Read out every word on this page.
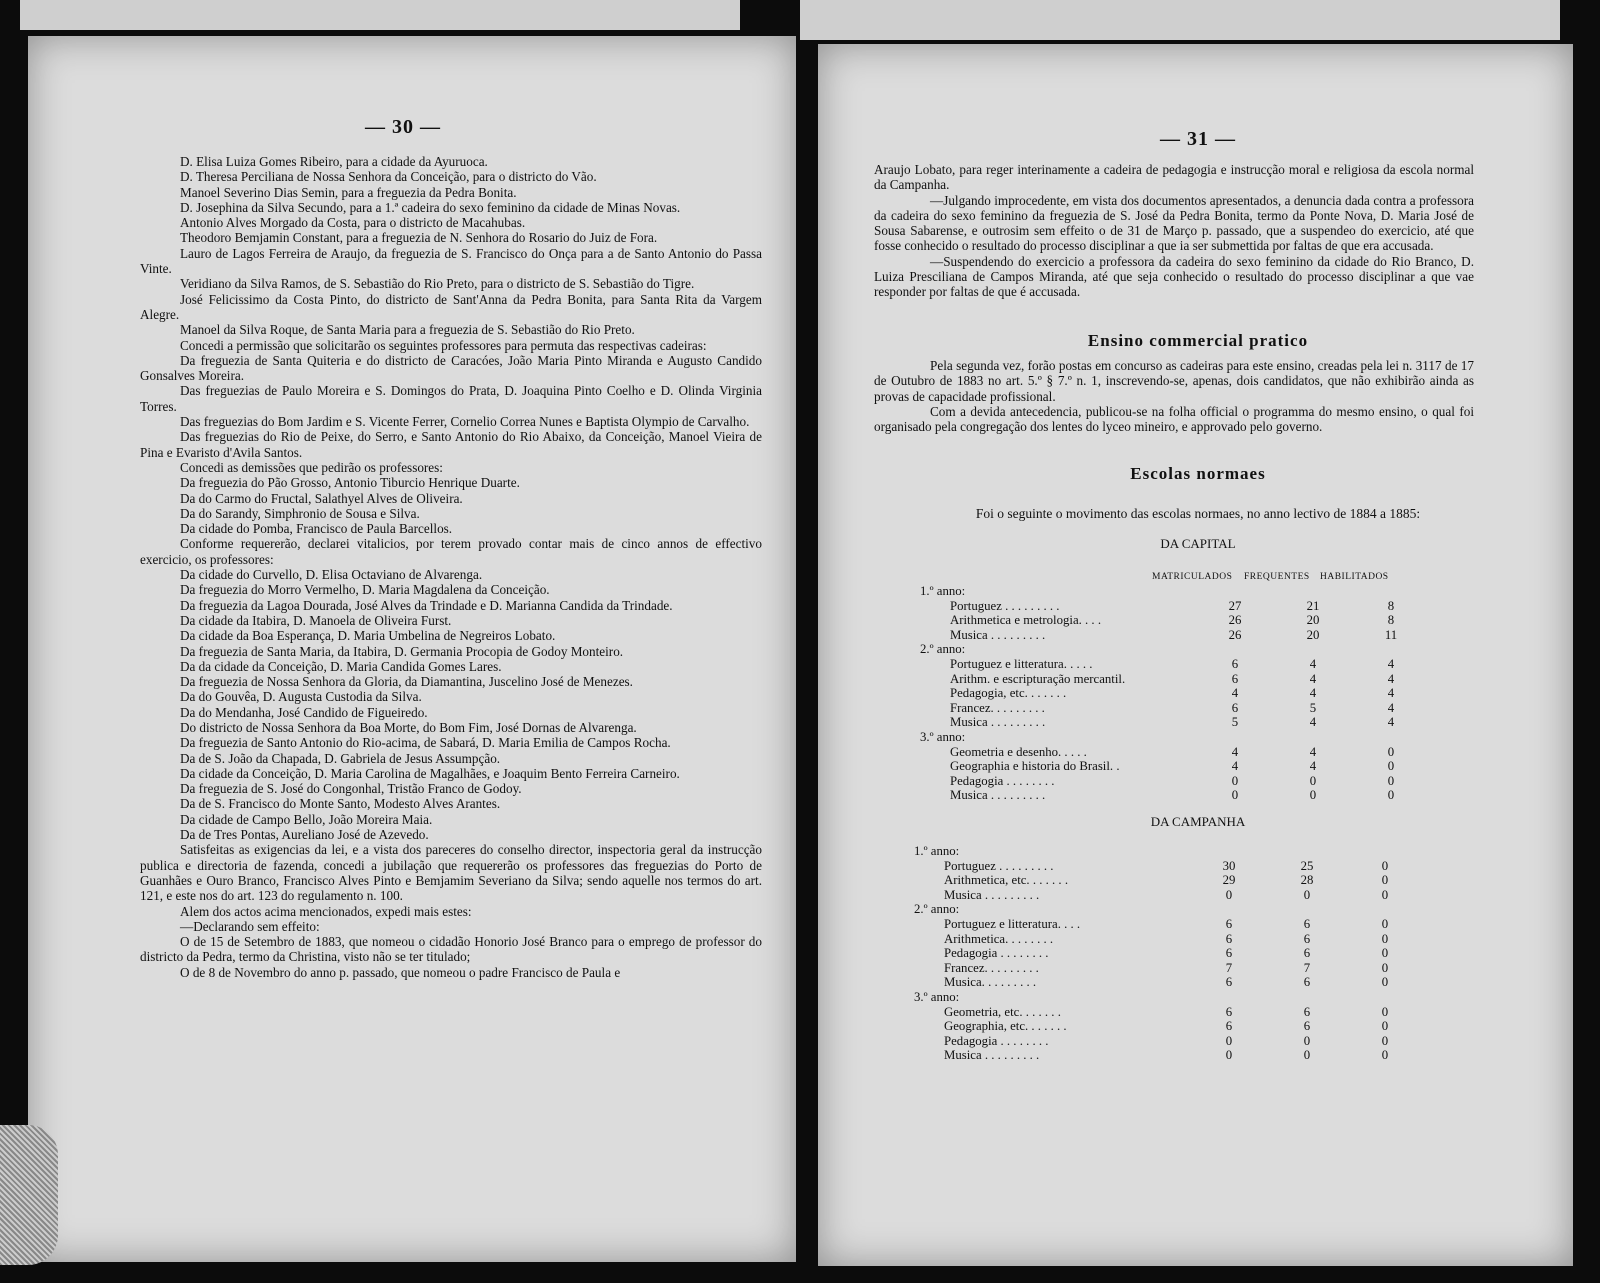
— 30 —

D. Elisa Luiza Gomes Ribeiro, para a cidade da Ayuruoca.

D. Theresa Perciliana de Nossa Senhora da Conceição, para o districto do Vão.

Manoel Severino Dias Semin, para a freguezia da Pedra Bonita.

D. Josephina da Silva Secundo, para a 1.ª cadeira do sexo feminino da cidade de Minas Novas.

Antonio Alves Morgado da Costa, para o districto de Macahubas.

Theodoro Bemjamin Constant, para a freguezia de N. Senhora do Rosario do Juiz de Fora.

Lauro de Lagos Ferreira de Araujo, da freguezia de S. Francisco do Onça para a de Santo Antonio do Passa Vinte.

Veridiano da Silva Ramos, de S. Sebastião do Rio Preto, para o districto de S. Sebastião do Tigre.

José Felicissimo da Costa Pinto, do districto de Sant'Anna da Pedra Bonita, para Santa Rita da Vargem Alegre.

Manoel da Silva Roque, de Santa Maria para a freguezia de S. Sebastião do Rio Preto.

Concedi a permissão que solicitarão os seguintes professores para permuta das respectivas cadeiras:

Da freguezia de Santa Quiteria e do districto de Caracóes, João Maria Pinto Miranda e Augusto Candido Gonsalves Moreira.

Das freguezias de Paulo Moreira e S. Domingos do Prata, D. Joaquina Pinto Coelho e D. Olinda Virginia Torres.

Das freguezias do Bom Jardim e S. Vicente Ferrer, Cornelio Correa Nunes e Baptista Olympio de Carvalho.

Das freguezias do Rio de Peixe, do Serro, e Santo Antonio do Rio Abaixo, da Conceição, Manoel Vieira de Pina e Evaristo d'Avila Santos.

Concedi as demissões que pedirão os professores:

Da freguezia do Pão Grosso, Antonio Tiburcio Henrique Duarte.

Da do Carmo do Fructal, Salathyel Alves de Oliveira.

Da do Sarandy, Simphronio de Sousa e Silva.

Da cidade do Pomba, Francisco de Paula Barcellos.

Conforme requererão, declarei vitalicios, por terem provado contar mais de cinco annos de effectivo exercicio, os professores:

Da cidade do Curvello, D. Elisa Octaviano de Alvarenga.

Da freguezia do Morro Vermelho, D. Maria Magdalena da Conceição.

Da freguezia da Lagoa Dourada, José Alves da Trindade e D. Marianna Candida da Trindade.

Da cidade da Itabira, D. Manoela de Oliveira Furst.

Da cidade da Boa Esperança, D. Maria Umbelina de Negreiros Lobato.

Da freguezia de Santa Maria, da Itabira, D. Germania Procopia de Godoy Monteiro.

Da da cidade da Conceição, D. Maria Candida Gomes Lares.

Da freguezia de Nossa Senhora da Gloria, da Diamantina, Juscelino José de Menezes.

Da do Gouvêa, D. Augusta Custodia da Silva.

Da do Mendanha, José Candido de Figueiredo.

Do districto de Nossa Senhora da Boa Morte, do Bom Fim, José Dornas de Alvarenga.

Da freguezia de Santo Antonio do Rio-acima, de Sabará, D. Maria Emilia de Campos Rocha.

Da de S. João da Chapada, D. Gabriela de Jesus Assumpção.

Da cidade da Conceição, D. Maria Carolina de Magalhães, e Joaquim Bento Ferreira Carneiro.

Da freguezia de S. José do Congonhal, Tristão Franco de Godoy.

Da de S. Francisco do Monte Santo, Modesto Alves Arantes.

Da cidade de Campo Bello, João Moreira Maia.

Da de Tres Pontas, Aureliano José de Azevedo.

Satisfeitas as exigencias da lei, e a vista dos pareceres do conselho director, inspectoria geral da instrucção publica e directoria de fazenda, concedi a jubilação que requererão os professores das freguezias do Porto de Guanhães e Ouro Branco, Francisco Alves Pinto e Bemjamim Severiano da Silva; sendo aquelle nos termos do art. 121, e este nos do art. 123 do regulamento n. 100.

Alem dos actos acima mencionados, expedi mais estes:

—Declarando sem effeito:

O de 15 de Setembro de 1883, que nomeou o cidadão Honorio José Branco para o emprego de professor do districto da Pedra, termo da Christina, visto não se ter titulado;

O de 8 de Novembro do anno p. passado, que nomeou o padre Francisco de Paula e

— 31 —

Araujo Lobato, para reger interinamente a cadeira de pedagogia e instrucção moral e religiosa da escola normal da Campanha.

—Julgando improcedente, em vista dos documentos apresentados, a denuncia dada contra a professora da cadeira do sexo feminino da freguezia de S. José da Pedra Bonita, termo da Ponte Nova, D. Maria José de Sousa Sabarense, e outrosim sem effeito o de 31 de Março p. passado, que a suspendeo do exercicio, até que fosse conhecido o resultado do processo disciplinar a que ia ser submettida por faltas de que era accusada.

—Suspendendo do exercicio a professora da cadeira do sexo feminino da cidade do Rio Branco, D. Luiza Presciliana de Campos Miranda, até que seja conhecido o resultado do processo disciplinar a que vae responder por faltas de que é accusada.

Ensino commercial pratico

Pela segunda vez, forão postas em concurso as cadeiras para este ensino, creadas pela lei n. 3117 de 17 de Outubro de 1883 no art. 5.º § 7.º n. 1, inscrevendo-se, apenas, dois candidatos, que não exhibirão ainda as provas de capacidade profissional.

Com a devida antecedencia, publicou-se na folha official o programma do mesmo ensino, o qual foi organisado pela congregação dos lentes do lyceo mineiro, e approvado pelo governo.

Escolas normaes
Foi o seguinte o movimento das escolas normaes, no anno lectivo de 1884 a 1885:
DA CAPITAL
MATRICULADOS FREQUENTES HABILITADOS
1.º anno:			
Portuguez . . . . . . . . .	27	21	8
Arithmetica e metrologia. . . .	26	20	8
Musica . . . . . . . . .	26	20	11
2.º anno:			
Portuguez e litteratura. . . . .	6	4	4
Arithm. e escripturação mercantil.	6	4	4
Pedagogia, etc. . . . . . .	4	4	4
Francez. . . . . . . . .	6	5	4
Musica . . . . . . . . .	5	4	4
3.º anno:			
Geometria e desenho. . . . .	4	4	0
Geographia e historia do Brasil. .	4	4	0
Pedagogia . . . . . . . .	0	0	0
Musica . . . . . . . . .	0	0	0
DA CAMPANHA
1.º anno:			
Portuguez . . . . . . . . .	30	25	0
Arithmetica, etc. . . . . . .	29	28	0
Musica . . . . . . . . .	0	0	0
2.º anno:			
Portuguez e litteratura. . . .	6	6	0
Arithmetica. . . . . . . .	6	6	0
Pedagogia . . . . . . . .	6	6	0
Francez. . . . . . . . .	7	7	0
Musica. . . . . . . . .	6	6	0
3.º anno:			
Geometria, etc. . . . . . .	6	6	0
Geographia, etc. . . . . . .	6	6	0
Pedagogia . . . . . . . .	0	0	0
Musica . . . . . . . . .	0	0	0
